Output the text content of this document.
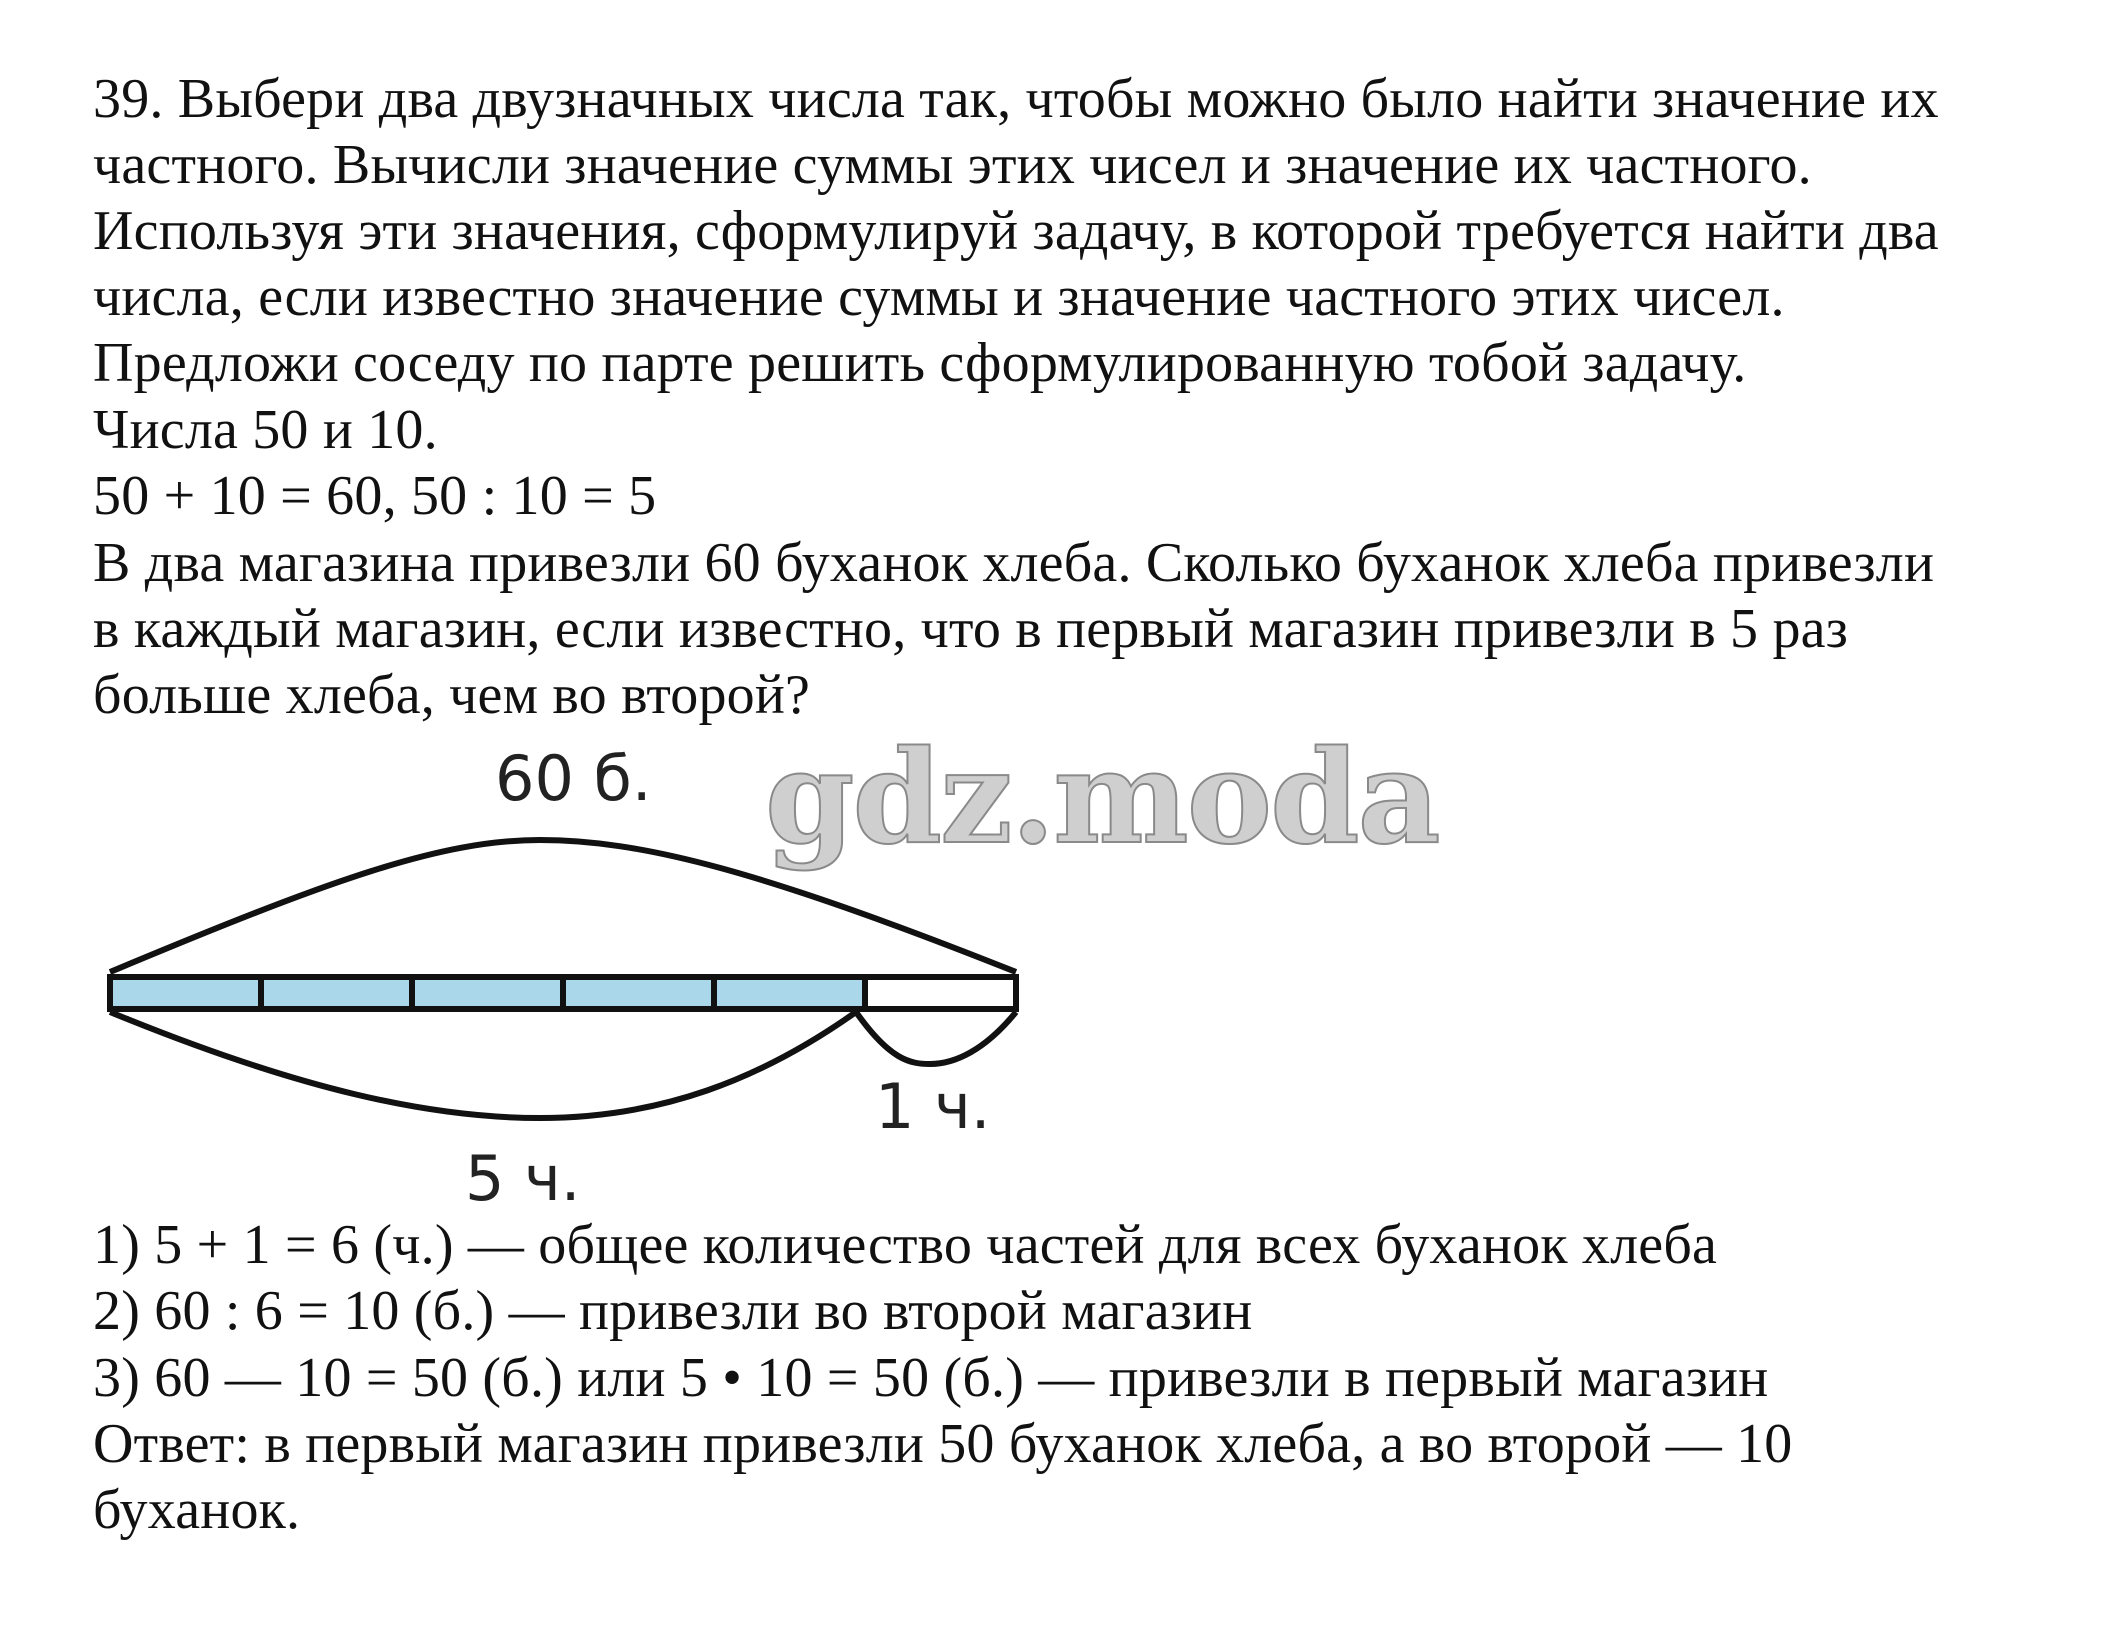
39. Выбери два двузначных числа так, чтобы можно было найти значение их
частного. Вычисли значение суммы этих чисел и значение их частного.
Используя эти значения, сформулируй задачу, в которой требуется найти два
числа, если известно значение суммы и значение частного этих чисел.
Предложи соседу по парте решить сформулированную тобой задачу.
Числа 50 и 10.
50 + 10 = 60, 50 : 10 = 5
В два магазина привезли 60 буханок хлеба. Сколько буханок хлеба привезли
в каждый магазин, если известно, что в первый магазин привезли в 5 раз
больше хлеба, чем во второй?
gdz.moda
60 б.
5 ч.
1 ч.
1) 5 + 1 = 6 (ч.) — общее количество частей для всех буханок хлеба
2) 60 : 6 = 10 (б.) — привезли во второй магазин
3) 60 — 10 = 50 (б.) или 5 • 10 = 50 (б.) — привезли в первый магазин
Ответ: в первый магазин привезли 50 буханок хлеба, а во второй — 10
буханок.
